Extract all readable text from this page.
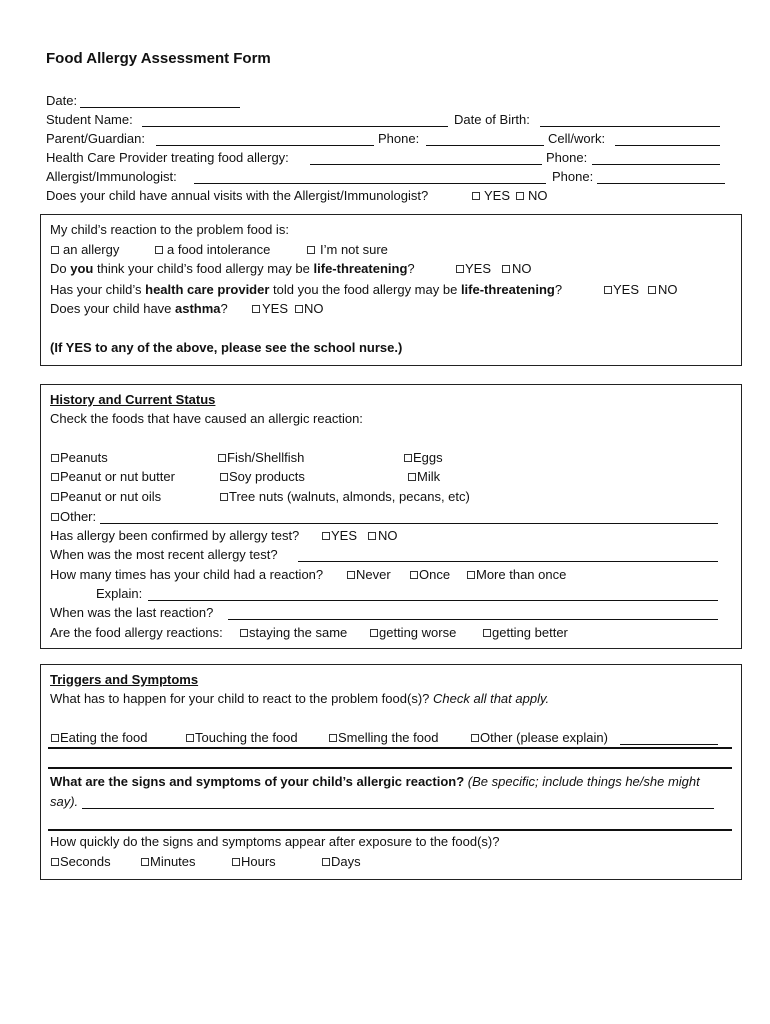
Food Allergy Assessment Form
Date:
Student Name:	Date of Birth:
Parent/Guardian:	Phone:	Cell/work:
Health Care Provider treating food allergy:	Phone:
Allergist/Immunologist:	Phone:
Does your child have annual visits with the Allergist/Immunologist?	YES NO
My child’s reaction to the problem food is:
an allergy	a food intolerance	I’m not sure
Do you think your child’s food allergy may be life-threatening?	YES NO
Has your child’s health care provider told you the food allergy may be life-threatening?	YES NO
Does your child have asthma?	YES NO
(If YES to any of the above, please see the school nurse.)
History and Current Status
Check the foods that have caused an allergic reaction:
Peanuts	Fish/Shellfish	Eggs
Peanut or nut butter	Soy products	Milk
Peanut or nut oils	Tree nuts (walnuts, almonds, pecans, etc)
Other:
Has allergy been confirmed by allergy test? YES NO
When was the most recent allergy test?
How many times has your child had a reaction?	Never Once More than once
Explain:
When was the last reaction?
Are the food allergy reactions: staying the same getting worse	getting better
Triggers and Symptoms
What has to happen for your child to react to the problem food(s)? Check all that apply.
Eating the food	Touching the food	Smelling the food	Other (please explain)
What are the signs and symptoms of your child’s allergic reaction? (Be specific; include things he/she might
say).
How quickly do the signs and symptoms appear after exposure to the food(s)?
Seconds	Minutes	Hours	Days
